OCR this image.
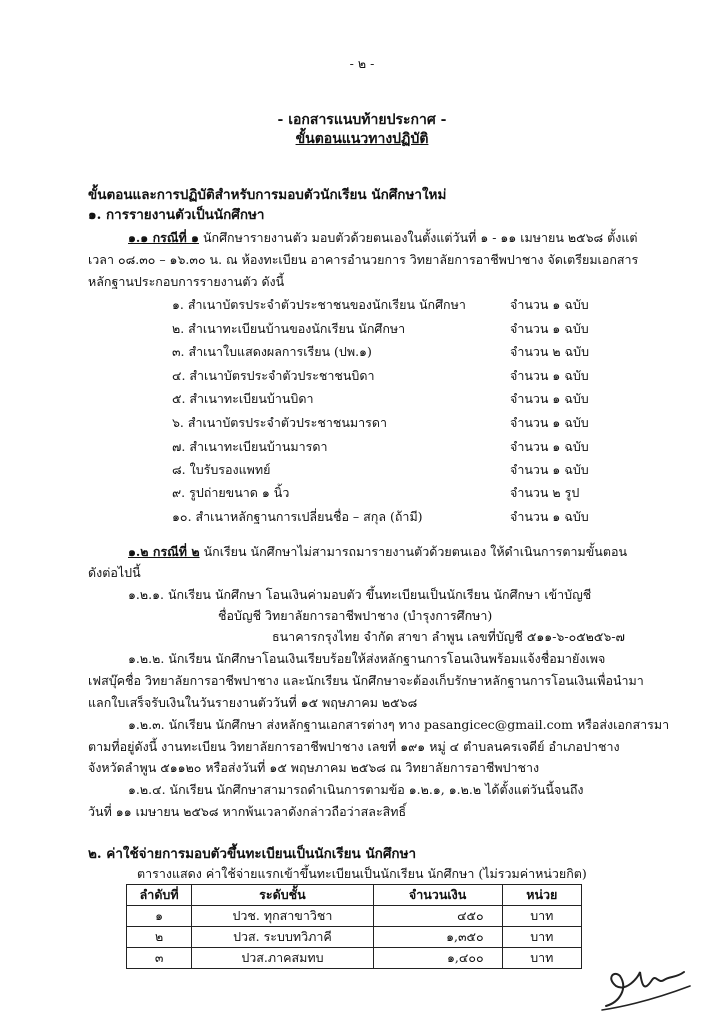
- ๒ -
- เอกสารแนบท้ายประกาศ -
ขั้นตอนแนวทางปฏิบัติ
ขั้นตอนและการปฏิบัติสำหรับการมอบตัวนักเรียน นักศึกษาใหม่
๑. การรายงานตัวเป็นนักศึกษา
๑.๑ กรณีที่ ๑ นักศึกษารายงานตัว มอบตัวด้วยตนเองในตั้งแต่วันที่ ๑ - ๑๑ เมษายน ๒๕๖๘ ตั้งแต่
เวลา ๐๘.๓๐ – ๑๖.๓๐ น. ณ ห้องทะเบียน อาคารอำนวยการ วิทยาลัยการอาชีพปาชาง จัดเตรียมเอกสาร
หลักฐานประกอบการรายงานตัว ดังนี้
๑. สำเนาบัตรประจำตัวประชาชนของนักเรียน นักศึกษา	จำนวน ๑ ฉบับ
๒. สำเนาทะเบียนบ้านของนักเรียน นักศึกษา	จำนวน ๑ ฉบับ
๓. สำเนาใบแสดงผลการเรียน (ปพ.๑)	จำนวน ๒ ฉบับ
๔. สำเนาบัตรประจำตัวประชาชนบิดา	จำนวน ๑ ฉบับ
๕. สำเนาทะเบียนบ้านบิดา	จำนวน ๑ ฉบับ
๖. สำเนาบัตรประจำตัวประชาชนมารดา	จำนวน ๑ ฉบับ
๗. สำเนาทะเบียนบ้านมารดา	จำนวน ๑ ฉบับ
๘. ใบรับรองแพทย์	จำนวน ๑ ฉบับ
๙. รูปถ่ายขนาด ๑ นิ้ว	จำนวน ๒ รูป
๑๐. สำเนาหลักฐานการเปลี่ยนชื่อ – สกุล (ถ้ามี)	จำนวน ๑ ฉบับ
๑.๒ กรณีที่ ๒ นักเรียน นักศึกษาไม่สามารถมารายงานตัวด้วยตนเอง ให้ดำเนินการตามขั้นตอน
ดังต่อไปนี้
๑.๒.๑. นักเรียน นักศึกษา โอนเงินค่ามอบตัว ขึ้นทะเบียนเป็นนักเรียน นักศึกษา เข้าบัญชี
ชื่อบัญชี วิทยาลัยการอาชีพปาชาง (บำรุงการศึกษา)
ธนาคารกรุงไทย จำกัด สาขา ลำพูน เลขที่บัญชี ๕๑๑-๖-๐๕๒๕๖-๗
๑.๒.๒. นักเรียน นักศึกษาโอนเงินเรียบร้อยให้ส่งหลักฐานการโอนเงินพร้อมแจ้งชื่อมายังเพจ
เฟสบุ๊คชื่อ วิทยาลัยการอาชีพปาชาง และนักเรียน นักศึกษาจะต้องเก็บรักษาหลักฐานการโอนเงินเพื่อนำมา
แลกใบเสร็จรับเงินในวันรายงานตัววันที่ ๑๕ พฤษภาคม ๒๕๖๘
๑.๒.๓. นักเรียน นักศึกษา ส่งหลักฐานเอกสารต่างๆ ทาง pasangicec@gmail.com หรือส่งเอกสารมา
ตามที่อยู่ดังนี้ งานทะเบียน วิทยาลัยการอาชีพปาชาง เลขที่ ๑๙๑ หมู่ ๔ ตำบลนครเจดีย์ อำเภอปาชาง
จังหวัดลำพูน ๕๑๑๒๐ หรือส่งวันที่ ๑๕ พฤษภาคม ๒๕๖๘ ณ วิทยาลัยการอาชีพปาชาง
๑.๒.๔. นักเรียน นักศึกษาสามารถดำเนินการตามข้อ ๑.๒.๑, ๑.๒.๒ ได้ตั้งแต่วันนี้จนถึง
วันที่ ๑๑ เมษายน ๒๕๖๘ หากพ้นเวลาดังกล่าวถือว่าสละสิทธิ์
๒. ค่าใช้จ่ายการมอบตัวขึ้นทะเบียนเป็นนักเรียน นักศึกษา
ตารางแสดง ค่าใช้จ่ายแรกเข้าขึ้นทะเบียนเป็นนักเรียน นักศึกษา (ไม่รวมค่าหน่วยกิต)
ลำดับที่	ระดับชั้น	จำนวนเงิน	หน่วย
๑	ปวช. ทุกสาขาวิชา	๔๕๐	บาท
๒	ปวส. ระบบทวิภาคี	๑,๓๕๐	บาท
๓	ปวส.ภาคสมทบ	๑,๔๐๐	บาท
